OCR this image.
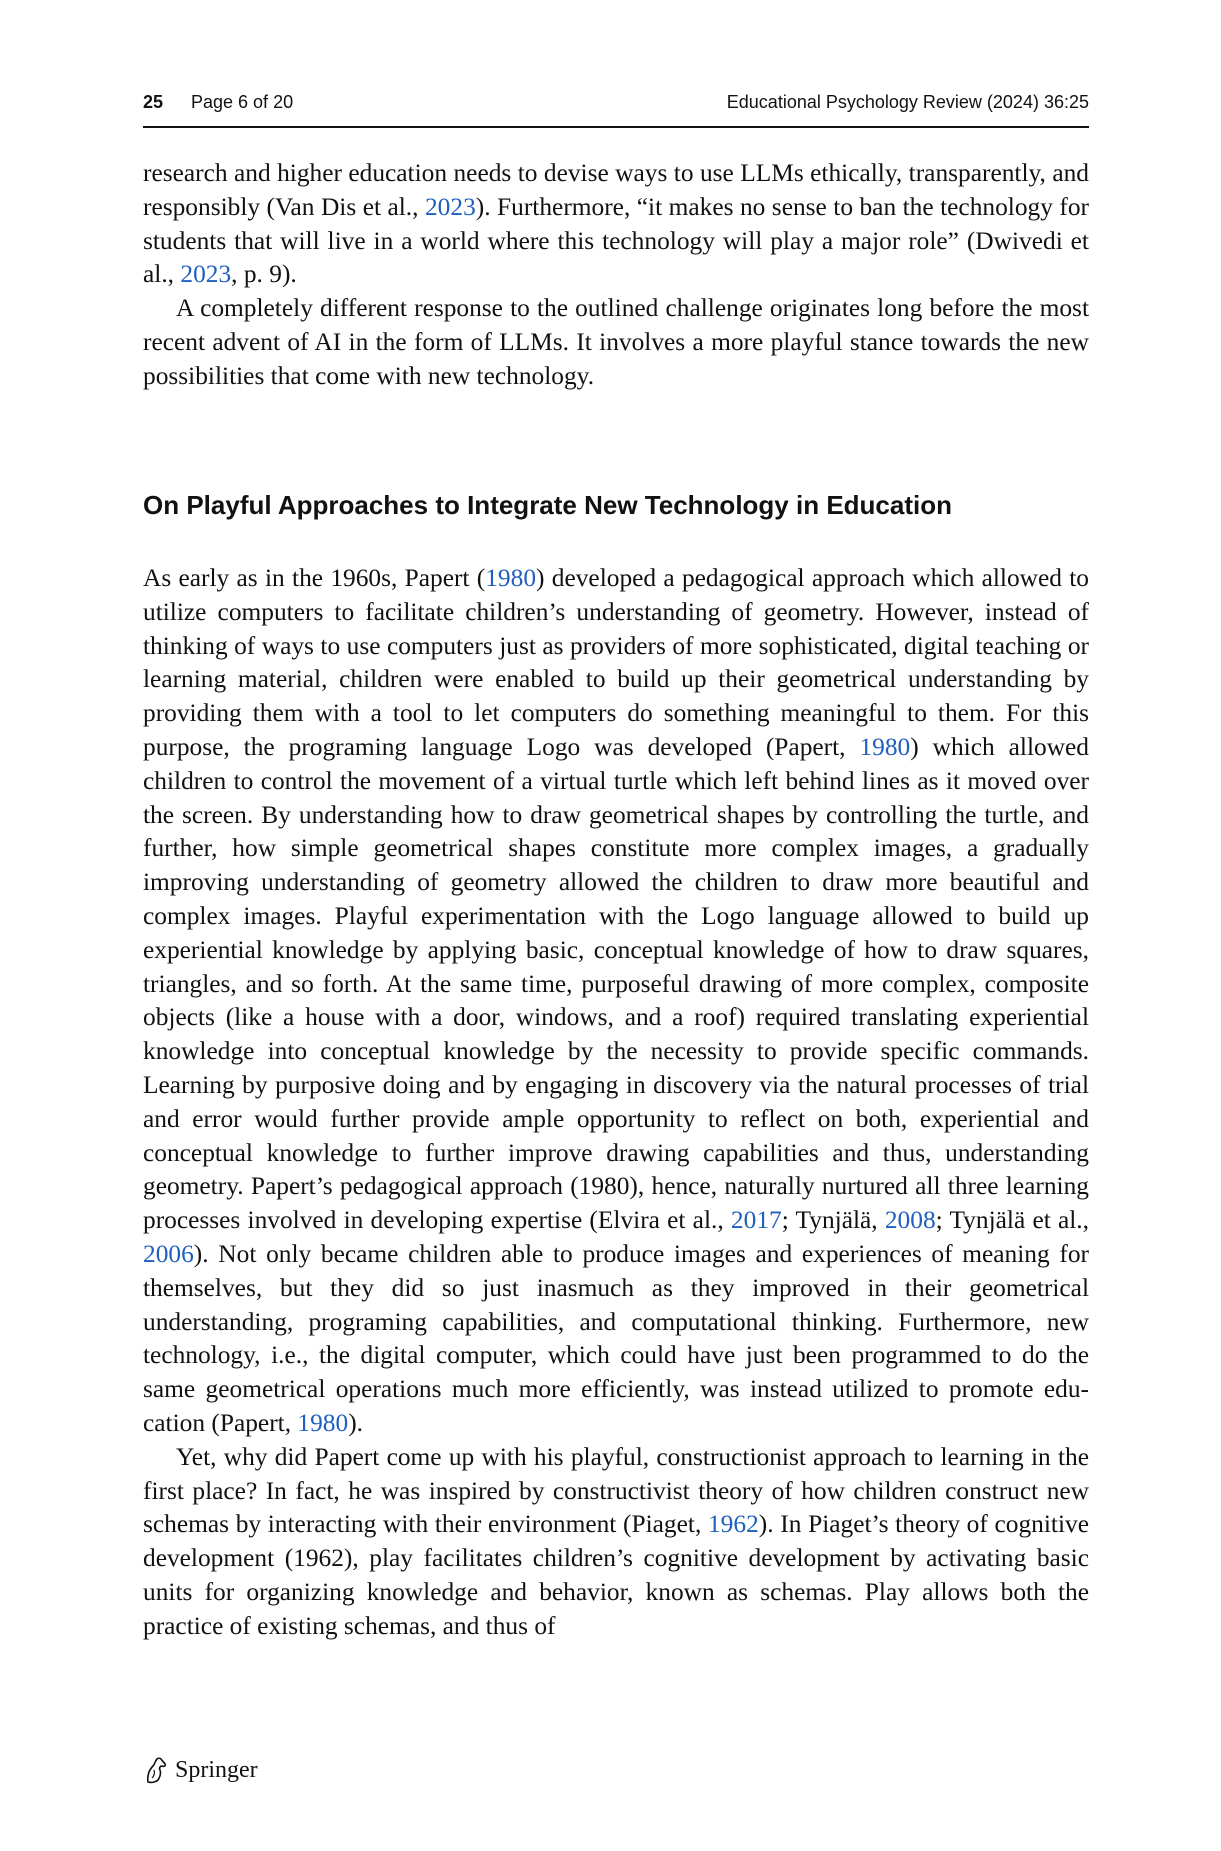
25 Page 6 of 20	Educational Psychology Review (2024) 36:25

research and higher education needs to devise ways to use LLMs ethically, transparently, and responsibly (Van Dis et al., 2023). Furthermore, “it makes no sense to ban the technology for students that will live in a world where this technology will play a major role” (Dwivedi et al., 2023, p. 9).

A completely different response to the outlined challenge originates long before the most recent advent of AI in the form of LLMs. It involves a more playful stance towards the new possibilities that come with new technology.

On Playful Approaches to Integrate New Technology in Education

As early as in the 1960s, Papert (1980) developed a pedagogical approach which allowed to utilize computers to facilitate children’s understanding of geometry. However, instead of thinking of ways to use computers just as providers of more sophisticated, digital teaching or learning material, children were enabled to build up their geometrical understanding by providing them with a tool to let computers do something meaningful to them. For this purpose, the programing language Logo was developed (Papert, 1980) which allowed children to control the movement of a virtual turtle which left behind lines as it moved over the screen. By understanding how to draw geometrical shapes by controlling the turtle, and further, how simple geometrical shapes constitute more complex images, a gradually improving understanding of geometry allowed the children to draw more beautiful and complex images. Playful experimentation with the Logo language allowed to build up experiential knowledge by applying basic, conceptual knowledge of how to draw squares, triangles, and so forth. At the same time, purposeful drawing of more complex, composite objects (like a house with a door, windows, and a roof) required translating experiential knowledge into conceptual knowledge by the necessity to provide specific commands. Learning by purposive doing and by engaging in discovery via the natural processes of trial and error would further provide ample opportunity to reflect on both, experiential and conceptual knowledge to further improve drawing capabilities and thus, understanding geometry. Papert’s pedagogical approach (1980), hence, naturally nurtured all three learning processes involved in developing expertise (Elvira et al., 2017; Tynjälä, 2008; Tynjälä et al., 2006). Not only became children able to produce images and experiences of meaning for themselves, but they did so just inasmuch as they improved in their geometrical understanding, programing capabilities, and computational thinking. Furthermore, new technology, i.e., the digital computer, which could have just been programmed to do the same geometrical operations much more efficiently, was instead utilized to promote education (Papert, 1980).

Yet, why did Papert come up with his playful, constructionist approach to learning in the first place? In fact, he was inspired by constructivist theory of how children construct new schemas by interacting with their environment (Piaget, 1962). In Piaget’s theory of cognitive development (1962), play facilitates children’s cognitive development by activating basic units for organizing knowledge and behavior, known as schemas. Play allows both the practice of existing schemas, and thus of

Springer
